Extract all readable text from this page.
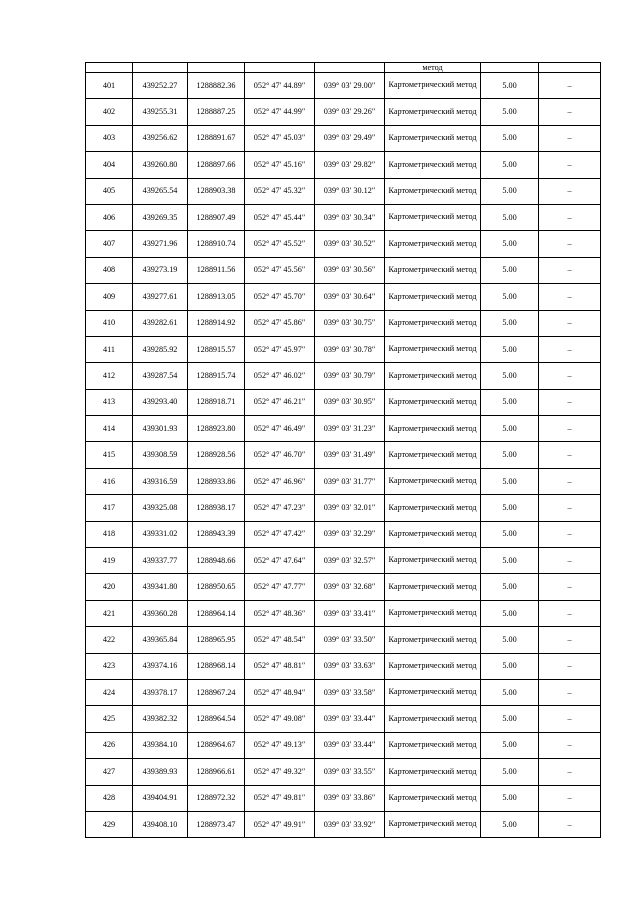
					метод		
401	439252.27	1288882.36	052° 47′ 44.89″	039° 03′ 29.00″	Картометрический метод	5.00	–
402	439255.31	1288887.25	052° 47′ 44.99″	039° 03′ 29.26″	Картометрический метод	5.00	–
403	439256.62	1288891.67	052° 47′ 45.03″	039° 03′ 29.49″	Картометрический метод	5.00	–
404	439260.80	1288897.66	052° 47′ 45.16″	039° 03′ 29.82″	Картометрический метод	5.00	–
405	439265.54	1288903.38	052° 47′ 45.32″	039° 03′ 30.12″	Картометрический метод	5.00	–
406	439269.35	1288907.49	052° 47′ 45.44″	039° 03′ 30.34″	Картометрический метод	5.00	–
407	439271.96	1288910.74	052° 47′ 45.52″	039° 03′ 30.52″	Картометрический метод	5.00	–
408	439273.19	1288911.56	052° 47′ 45.56″	039° 03′ 30.56″	Картометрический метод	5.00	–
409	439277.61	1288913.05	052° 47′ 45.70″	039° 03′ 30.64″	Картометрический метод	5.00	–
410	439282.61	1288914.92	052° 47′ 45.86″	039° 03′ 30.75″	Картометрический метод	5.00	–
411	439285.92	1288915.57	052° 47′ 45.97″	039° 03′ 30.78″	Картометрический метод	5.00	–
412	439287.54	1288915.74	052° 47′ 46.02″	039° 03′ 30.79″	Картометрический метод	5.00	–
413	439293.40	1288918.71	052° 47′ 46.21″	039° 03′ 30.95″	Картометрический метод	5.00	–
414	439301.93	1288923.80	052° 47′ 46.49″	039° 03′ 31.23″	Картометрический метод	5.00	–
415	439308.59	1288928.56	052° 47′ 46.70″	039° 03′ 31.49″	Картометрический метод	5.00	–
416	439316.59	1288933.86	052° 47′ 46.96″	039° 03′ 31.77″	Картометрический метод	5.00	–
417	439325.08	1288938.17	052° 47′ 47.23″	039° 03′ 32.01″	Картометрический метод	5.00	–
418	439331.02	1288943.39	052° 47′ 47.42″	039° 03′ 32.29″	Картометрический метод	5.00	–
419	439337.77	1288948.66	052° 47′ 47.64″	039° 03′ 32.57″	Картометрический метод	5.00	–
420	439341.80	1288950.65	052° 47′ 47.77″	039° 03′ 32.68″	Картометрический метод	5.00	–
421	439360.28	1288964.14	052° 47′ 48.36″	039° 03′ 33.41″	Картометрический метод	5.00	–
422	439365.84	1288965.95	052° 47′ 48.54″	039° 03′ 33.50″	Картометрический метод	5.00	–
423	439374.16	1288968.14	052° 47′ 48.81″	039° 03′ 33.63″	Картометрический метод	5.00	–
424	439378.17	1288967.24	052° 47′ 48.94″	039° 03′ 33.58″	Картометрический метод	5.00	–
425	439382.32	1288964.54	052° 47′ 49.08″	039° 03′ 33.44″	Картометрический метод	5.00	–
426	439384.10	1288964.67	052° 47′ 49.13″	039° 03′ 33.44″	Картометрический метод	5.00	–
427	439389.93	1288966.61	052° 47′ 49.32″	039° 03′ 33.55″	Картометрический метод	5.00	–
428	439404.91	1288972.32	052° 47′ 49.81″	039° 03′ 33.86″	Картометрический метод	5.00	–
429	439408.10	1288973.47	052° 47′ 49.91″	039° 03′ 33.92″	Картометрический метод	5.00	–
